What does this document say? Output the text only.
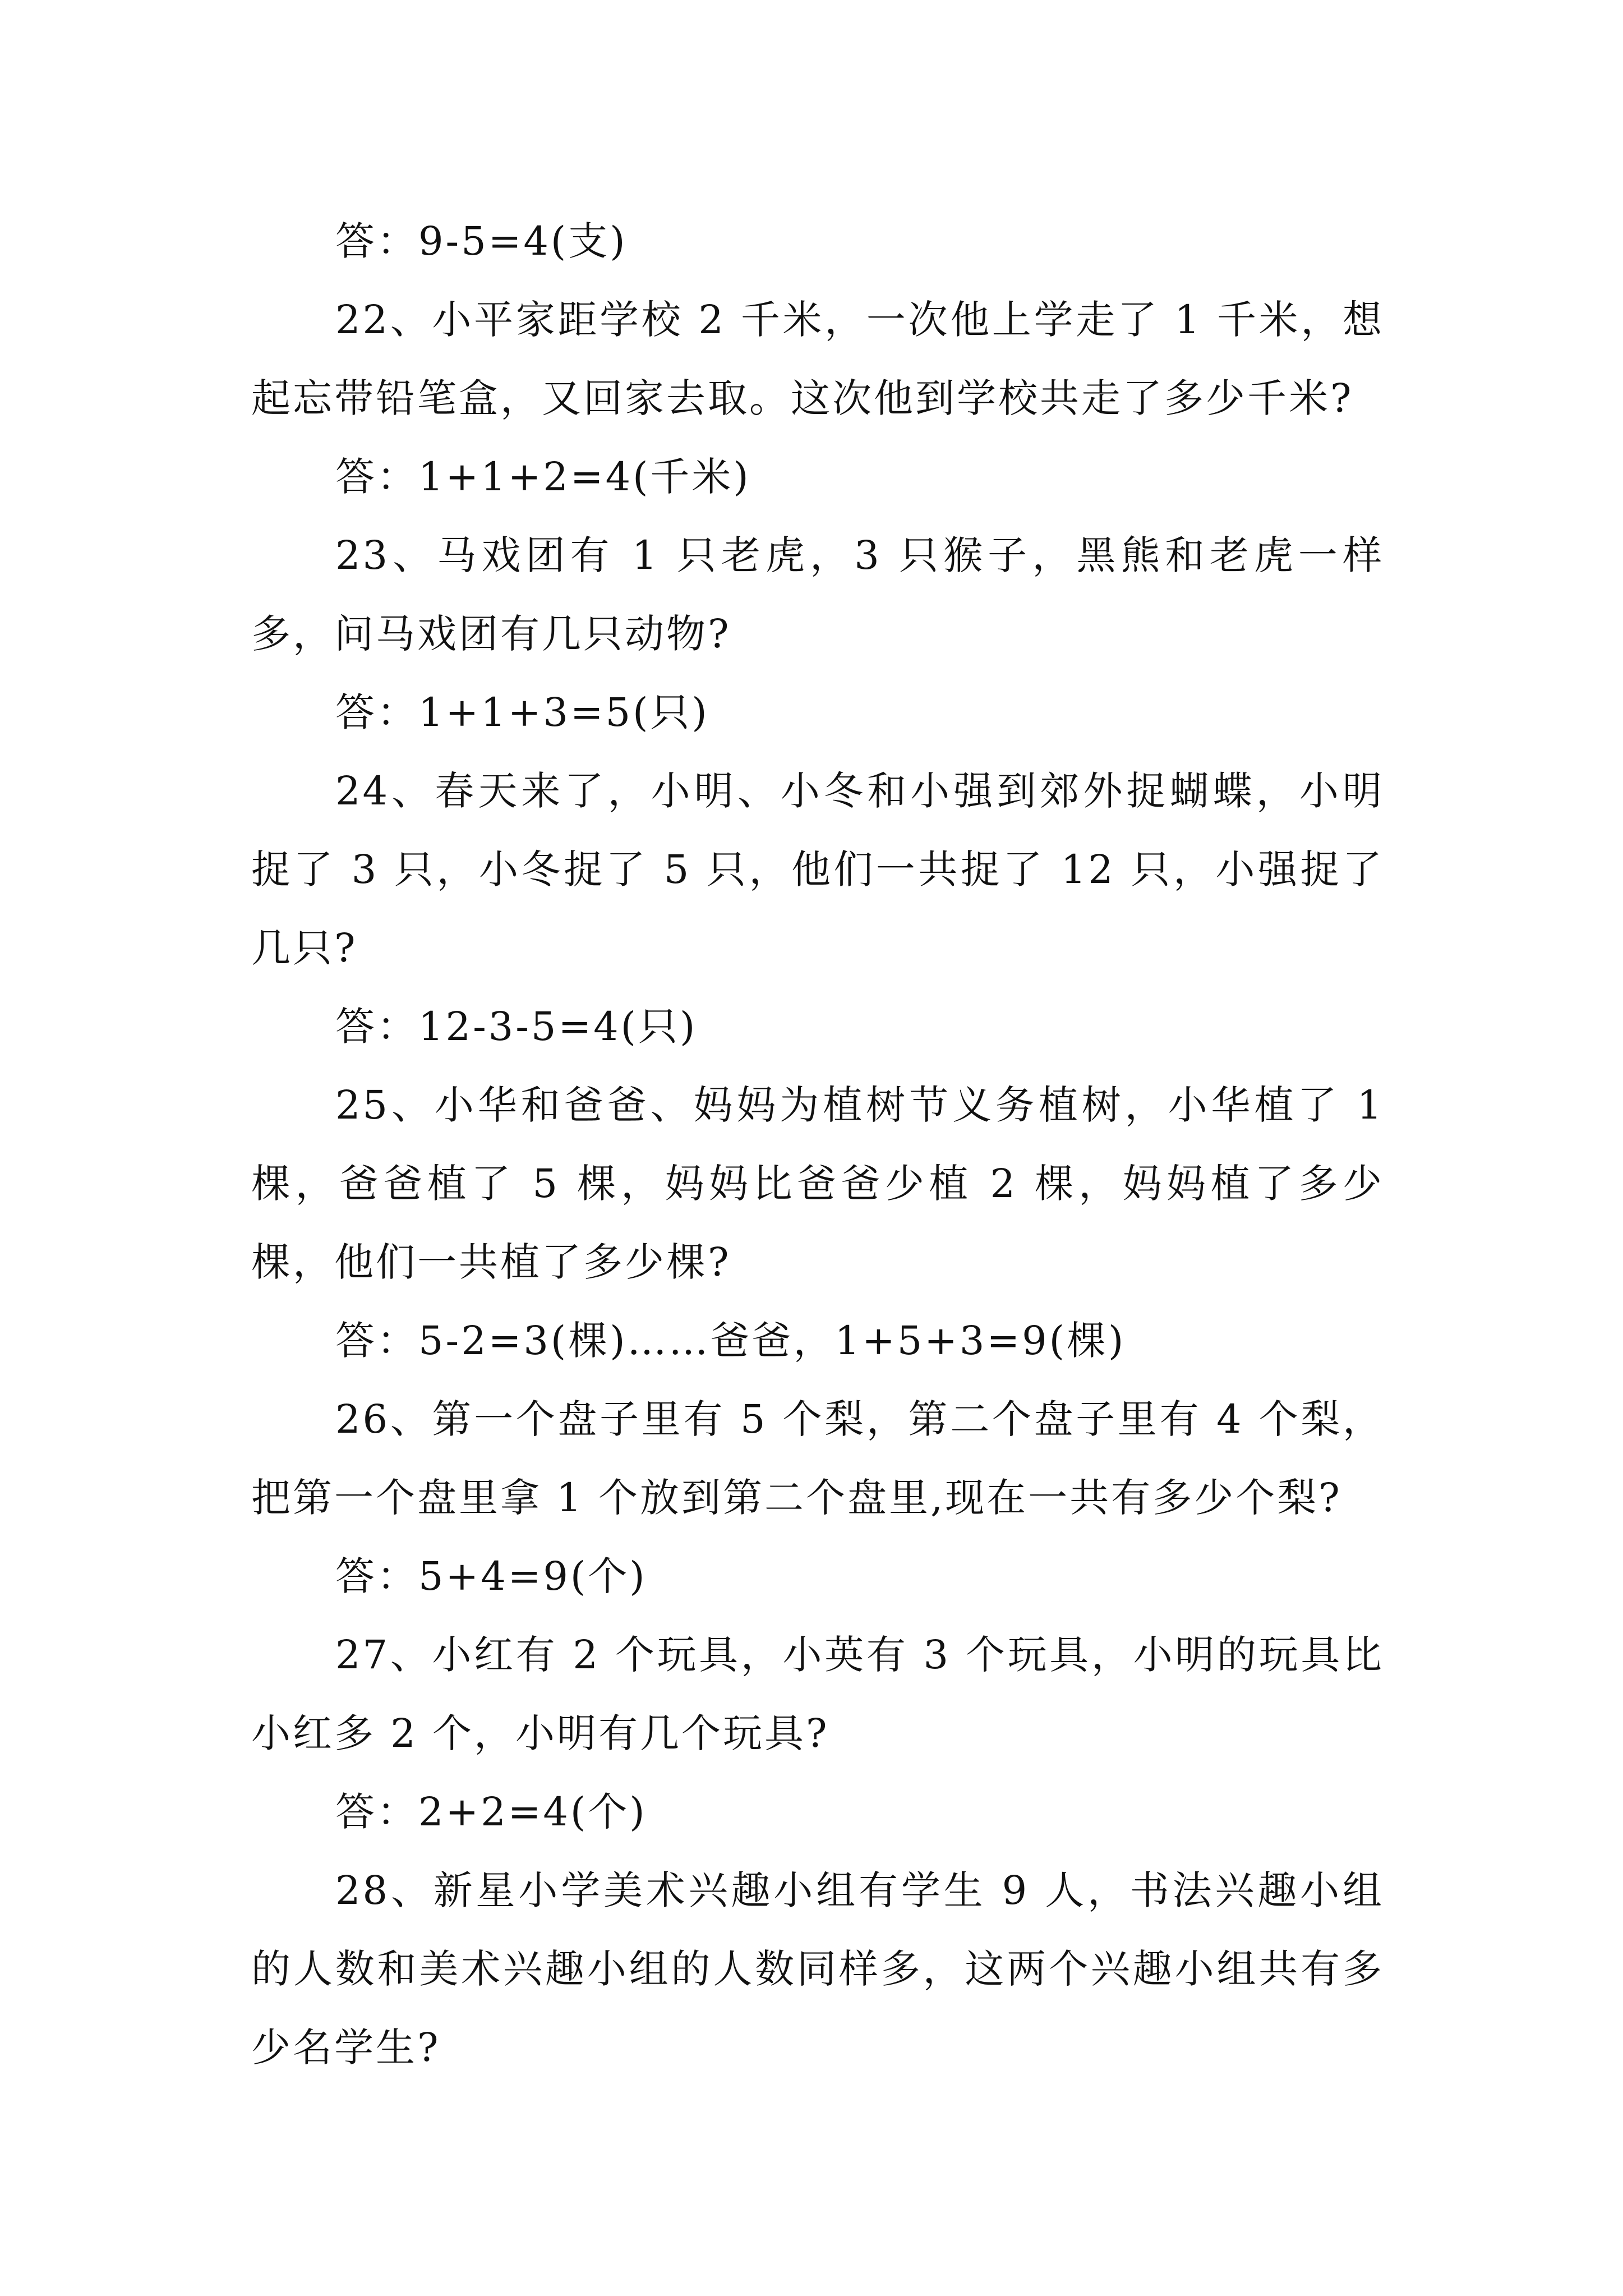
答：9-5=4(支)

22、小平家距学校 2 千米，一次他上学走了 1 千米，想起忘带铅笔盒，又回家去取。这次他到学校共走了多少千米?

答：1+1+2=4(千米)

23、马戏团有 1 只老虎，3 只猴子，黑熊和老虎一样多，问马戏团有几只动物?

答：1+1+3=5(只)

24、春天来了，小明、小冬和小强到郊外捉蝴蝶，小明捉了 3 只，小冬捉了 5 只，他们一共捉了 12 只，小强捉了几只?

答：12-3-5=4(只)

25、小华和爸爸、妈妈为植树节义务植树，小华植了 1 棵，爸爸植了 5 棵，妈妈比爸爸少植 2 棵，妈妈植了多少棵，他们一共植了多少棵?

答：5-2=3(棵)……爸爸，1+5+3=9(棵)

26、第一个盘子里有 5 个梨，第二个盘子里有 4 个梨，把第一个盘里拿 1 个放到第二个盘里,现在一共有多少个梨?

答：5+4=9(个)

27、小红有 2 个玩具，小英有 3 个玩具，小明的玩具比小红多 2 个，小明有几个玩具?

答：2+2=4(个)

28、新星小学美术兴趣小组有学生 9 人，书法兴趣小组的人数和美术兴趣小组的人数同样多，这两个兴趣小组共有多少名学生?
